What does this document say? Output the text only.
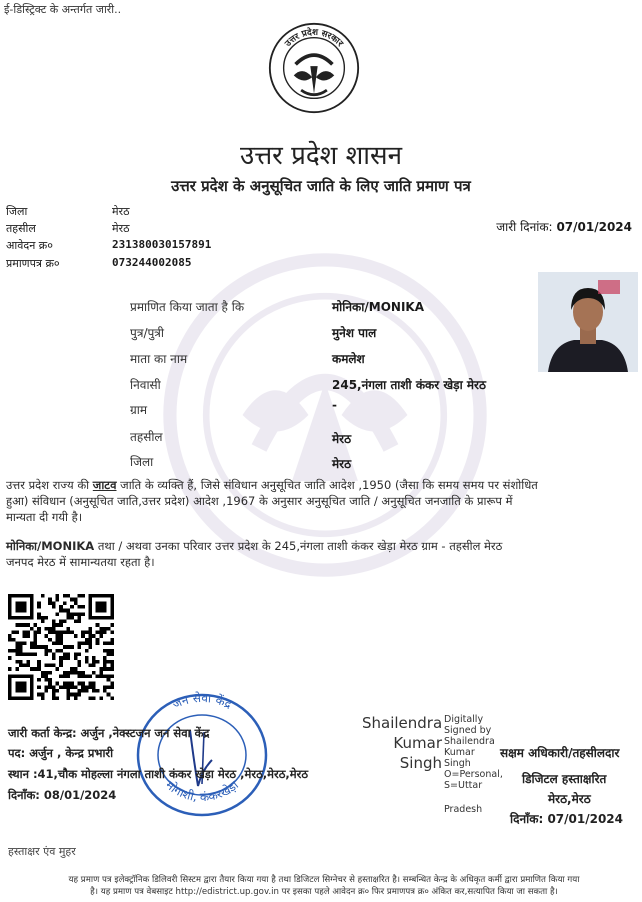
ई-डिस्ट्रिक्ट के अन्तर्गत जारी..
उत्तर प्रदेश सरकार
उत्तर प्रदेश शासन
उत्तर प्रदेश के अनुसूचित जाति के लिए जाति प्रमाण पत्र
जिला	मेरठ
तहसील	मेरठ
आवेदन क्र०	231380030157891
प्रमाणपत्र क्र०	073244002085
जारी दिनांक: 07/01/2024
प्रमाणित किया जाता है कि	मोनिका/MONIKA
पुत्र/पुत्री	मुनेश पाल
माता का नाम	कमलेश
निवासी	245,नंगला ताशी कंकर खेड़ा मेरठ
ग्राम	-
तहसील	मेरठ
जिला	मेरठ
उत्तर प्रदेश राज्य की जाटव जाति के व्यक्ति हैं, जिसे संविधान अनुसूचित जाति आदेश ,1950 (जैसा कि समय समय पर संशोधित
हुआ) संविधान (अनुसूचित जाति,उत्तर प्रदेश) आदेश ,1967 के अनुसार अनुसूचित जाति / अनुसूचित जनजाति के प्रारूप में
मान्यता दी गयी है।
मोनिका/MONIKA तथा / अथवा उनका परिवार उत्तर प्रदेश के 245,नंगला ताशी कंकर खेड़ा मेरठ ग्राम - तहसील मेरठ
जनपद मेरठ में सामान्यतया रहता है।
जन सेवा केंद्र
मोगाशी, कंकरखेड़ा
जारी कर्ता केन्द्र: अर्जुन ,नेक्स्टजन जन सेवा केंद्र
पद: अर्जुन , केन्द्र प्रभारी
स्थान :41,चौक मोहल्ला नंगला ताशी कंकर खेड़ा मेरठ ,मेरठ,मेरठ,मेरठ
दिनाँक: 08/01/2024
Shailendra
Kumar
Singh
Digitally
Signed by
Shailendra
Kumar
Singh
O=Personal,
S=Uttar
Pradesh
सक्षम अधिकारी/तहसीलदार
डिजिटल हस्ताक्षरित
मेरठ,मेरठ
दिनाँक: 07/01/2024
हस्ताक्षर एंव मुहर
यह प्रमाण पत्र इलेक्ट्रॉनिक डिलिवरी सिस्टम द्वारा तैयार किया गया है तथा डिजिटल सिग्नेचर से हस्ताक्षरित है। सम्बन्धित केन्द्र के अधिकृत कर्मी द्वारा प्रमाणित किया गया
है। यह प्रमाण पत्र वेबसाइट http://edistrict.up.gov.in पर इसका पहले आवेदन क्र० फिर प्रमाणपत्र क्र० अंकित कर,सत्यापित किया जा सकता है।
